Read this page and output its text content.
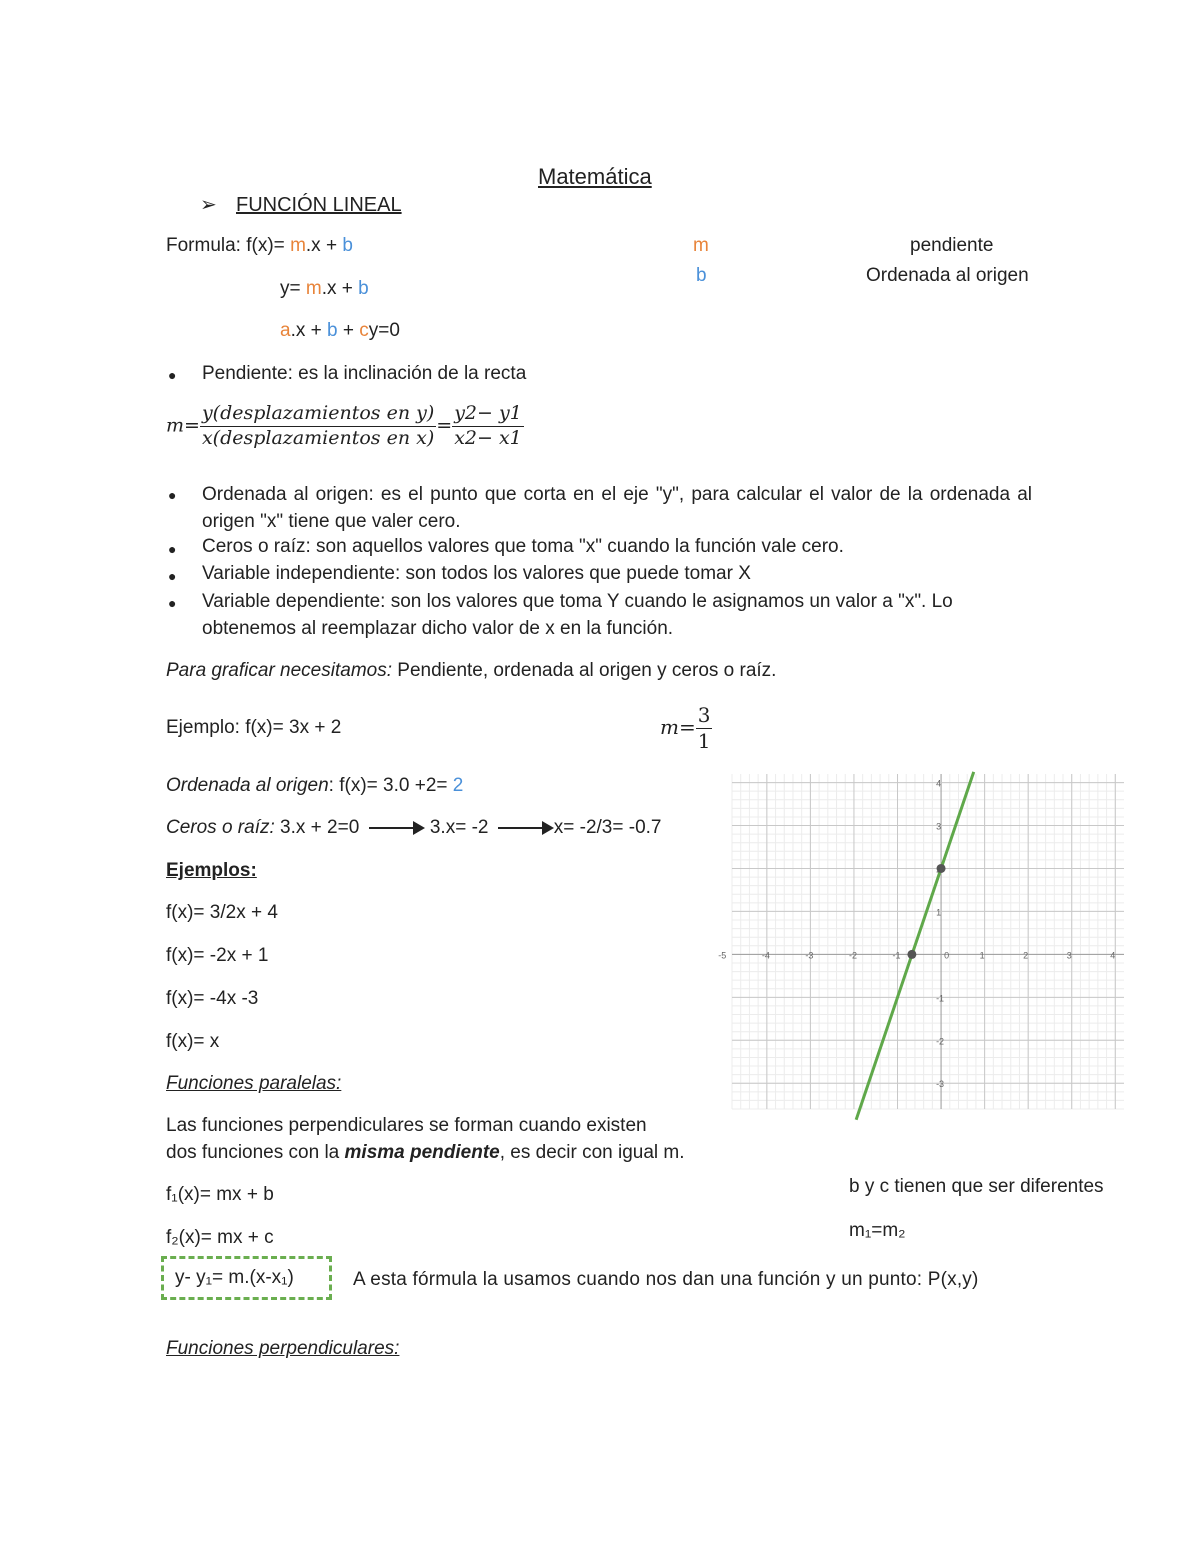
Matemática
➢ FUNCIÓN LINEAL
Formula: f(x)= m.x + b
y= m.x + b
a.x + b + cy=0
m	pendiente
b	Ordenada al origen
● Pendiente: es la inclinación de la recta
$m= \frac{\text{y(desplazamientos en y)}}{\text{x(desplazamientos en x)}} = \frac{y2- y1}{x2- x1}$
● Ordenada al origen: es el punto que corta en el eje "y", para calcular el valor de la ordenada al origen "x" tiene que valer cero.
● Ceros o raíz: son aquellos valores que toma "x" cuando la función vale cero.
● Variable independiente: son todos los valores que puede tomar X
● Variable dependiente: son los valores que toma Y cuando le asignamos un valor a "x". Lo obtenemos al reemplazar dicho valor de x en la función.
Para graficar necesitamos: Pendiente, ordenada al origen y ceros o raíz.
Ejemplo: f(x)= 3x + 2	$m= \frac{3}{1}$
Ordenada al origen: f(x)= 3.0 +2= 2
Ceros o raíz: 3.x + 2=0	3.x= -2	x= -2/3= -0.7
Ejemplos:
f(x)= 3/2x + 4
f(x)= -2x + 1
f(x)= -4x -3
f(x)= x
-5	-4	-3	-2	-1	0	1	2	3	4
4
3
1
-1
-2
-3
Funciones paralelas:
Las funciones perpendiculares se forman cuando existen
dos funciones con la misma pendiente, es decir con igual m.
f₁(x)= mx + b
f₂(x)= mx + c
b y c tienen que ser diferentes
m₁=m₂
y- y₁= m.(x-x₁)	A esta fórmula la usamos cuando nos dan una función y un punto: P(x,y)
Funciones perpendiculares:
